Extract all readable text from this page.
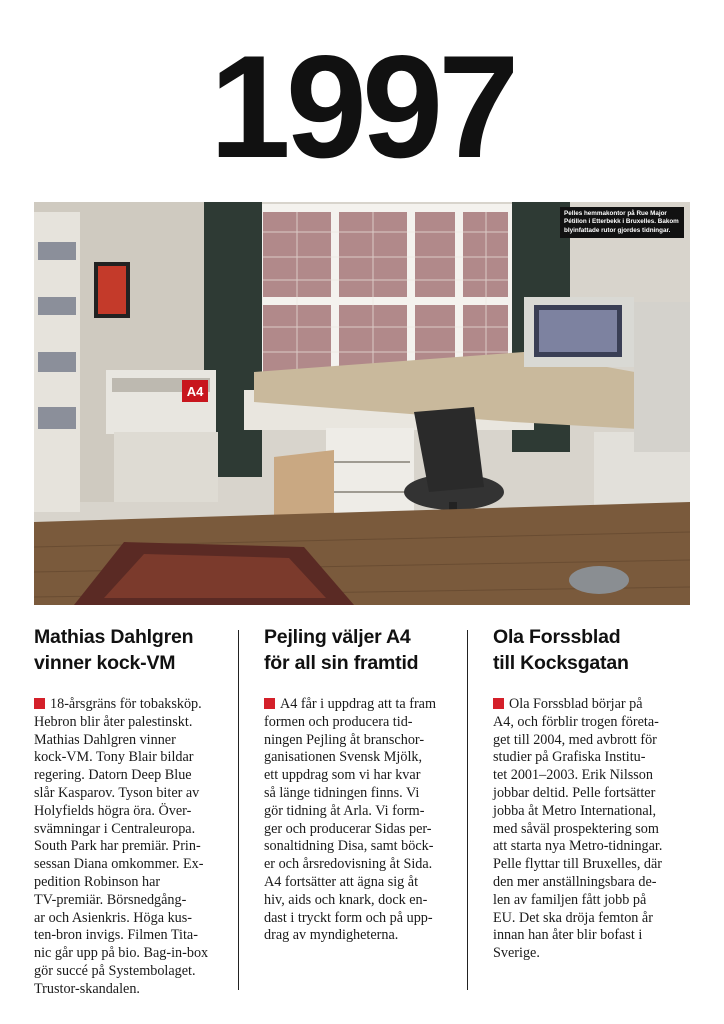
1997
A4
Pelles hemmakontor på Rue Major Pétillon i Etterbekk i Bruxelles. Bakom blyinfattade rutor gjordes tidningar.
Mathias Dahlgren
vinner kock-VM

18-årsgräns för tobaksköp.

Hebron blir åter palestinskt.

Mathias Dahlgren vinner

kock-VM. Tony Blair bildar

regering. Datorn Deep Blue

slår Kasparov. Tyson biter av

Holyfields högra öra. Över-

svämningar i Centraleuropa.

South Park har premiär. Prin-

sessan Diana omkommer. Ex-

pedition Robinson har

TV-premiär. Börsnedgång-

ar och Asienkris. Höga kus-

ten-bron invigs. Filmen Tita-

nic går upp på bio. Bag-in-box

gör succé på Systembolaget.

Trustor-skandalen.

Pejling väljer A4
för all sin framtid

A4 får i uppdrag att ta fram

formen och producera tid-

ningen Pejling åt branschor-

ganisationen Svensk Mjölk,

ett uppdrag som vi har kvar

så länge tidningen finns. Vi

gör tidning åt Arla. Vi form-

ger och producerar Sidas per-

sonaltidning Disa, samt böck-

er och årsredovisning åt Sida.

A4 fortsätter att ägna sig åt

hiv, aids och knark, dock en-

dast i tryckt form och på upp-

drag av myndigheterna.

Ola Forssblad
till Kocksgatan

Ola Forssblad börjar på

A4, och förblir trogen företa-

get till 2004, med avbrott för

studier på Grafiska Institu-

tet 2001–2003. Erik Nilsson

jobbar deltid. Pelle fortsätter

jobba åt Metro International,

med såväl prospektering som

att starta nya Metro-tidningar.

Pelle flyttar till Bruxelles, där

den mer anställningsbara de-

len av familjen fått jobb på

EU. Det ska dröja femton år

innan han åter blir bofast i

Sverige.
